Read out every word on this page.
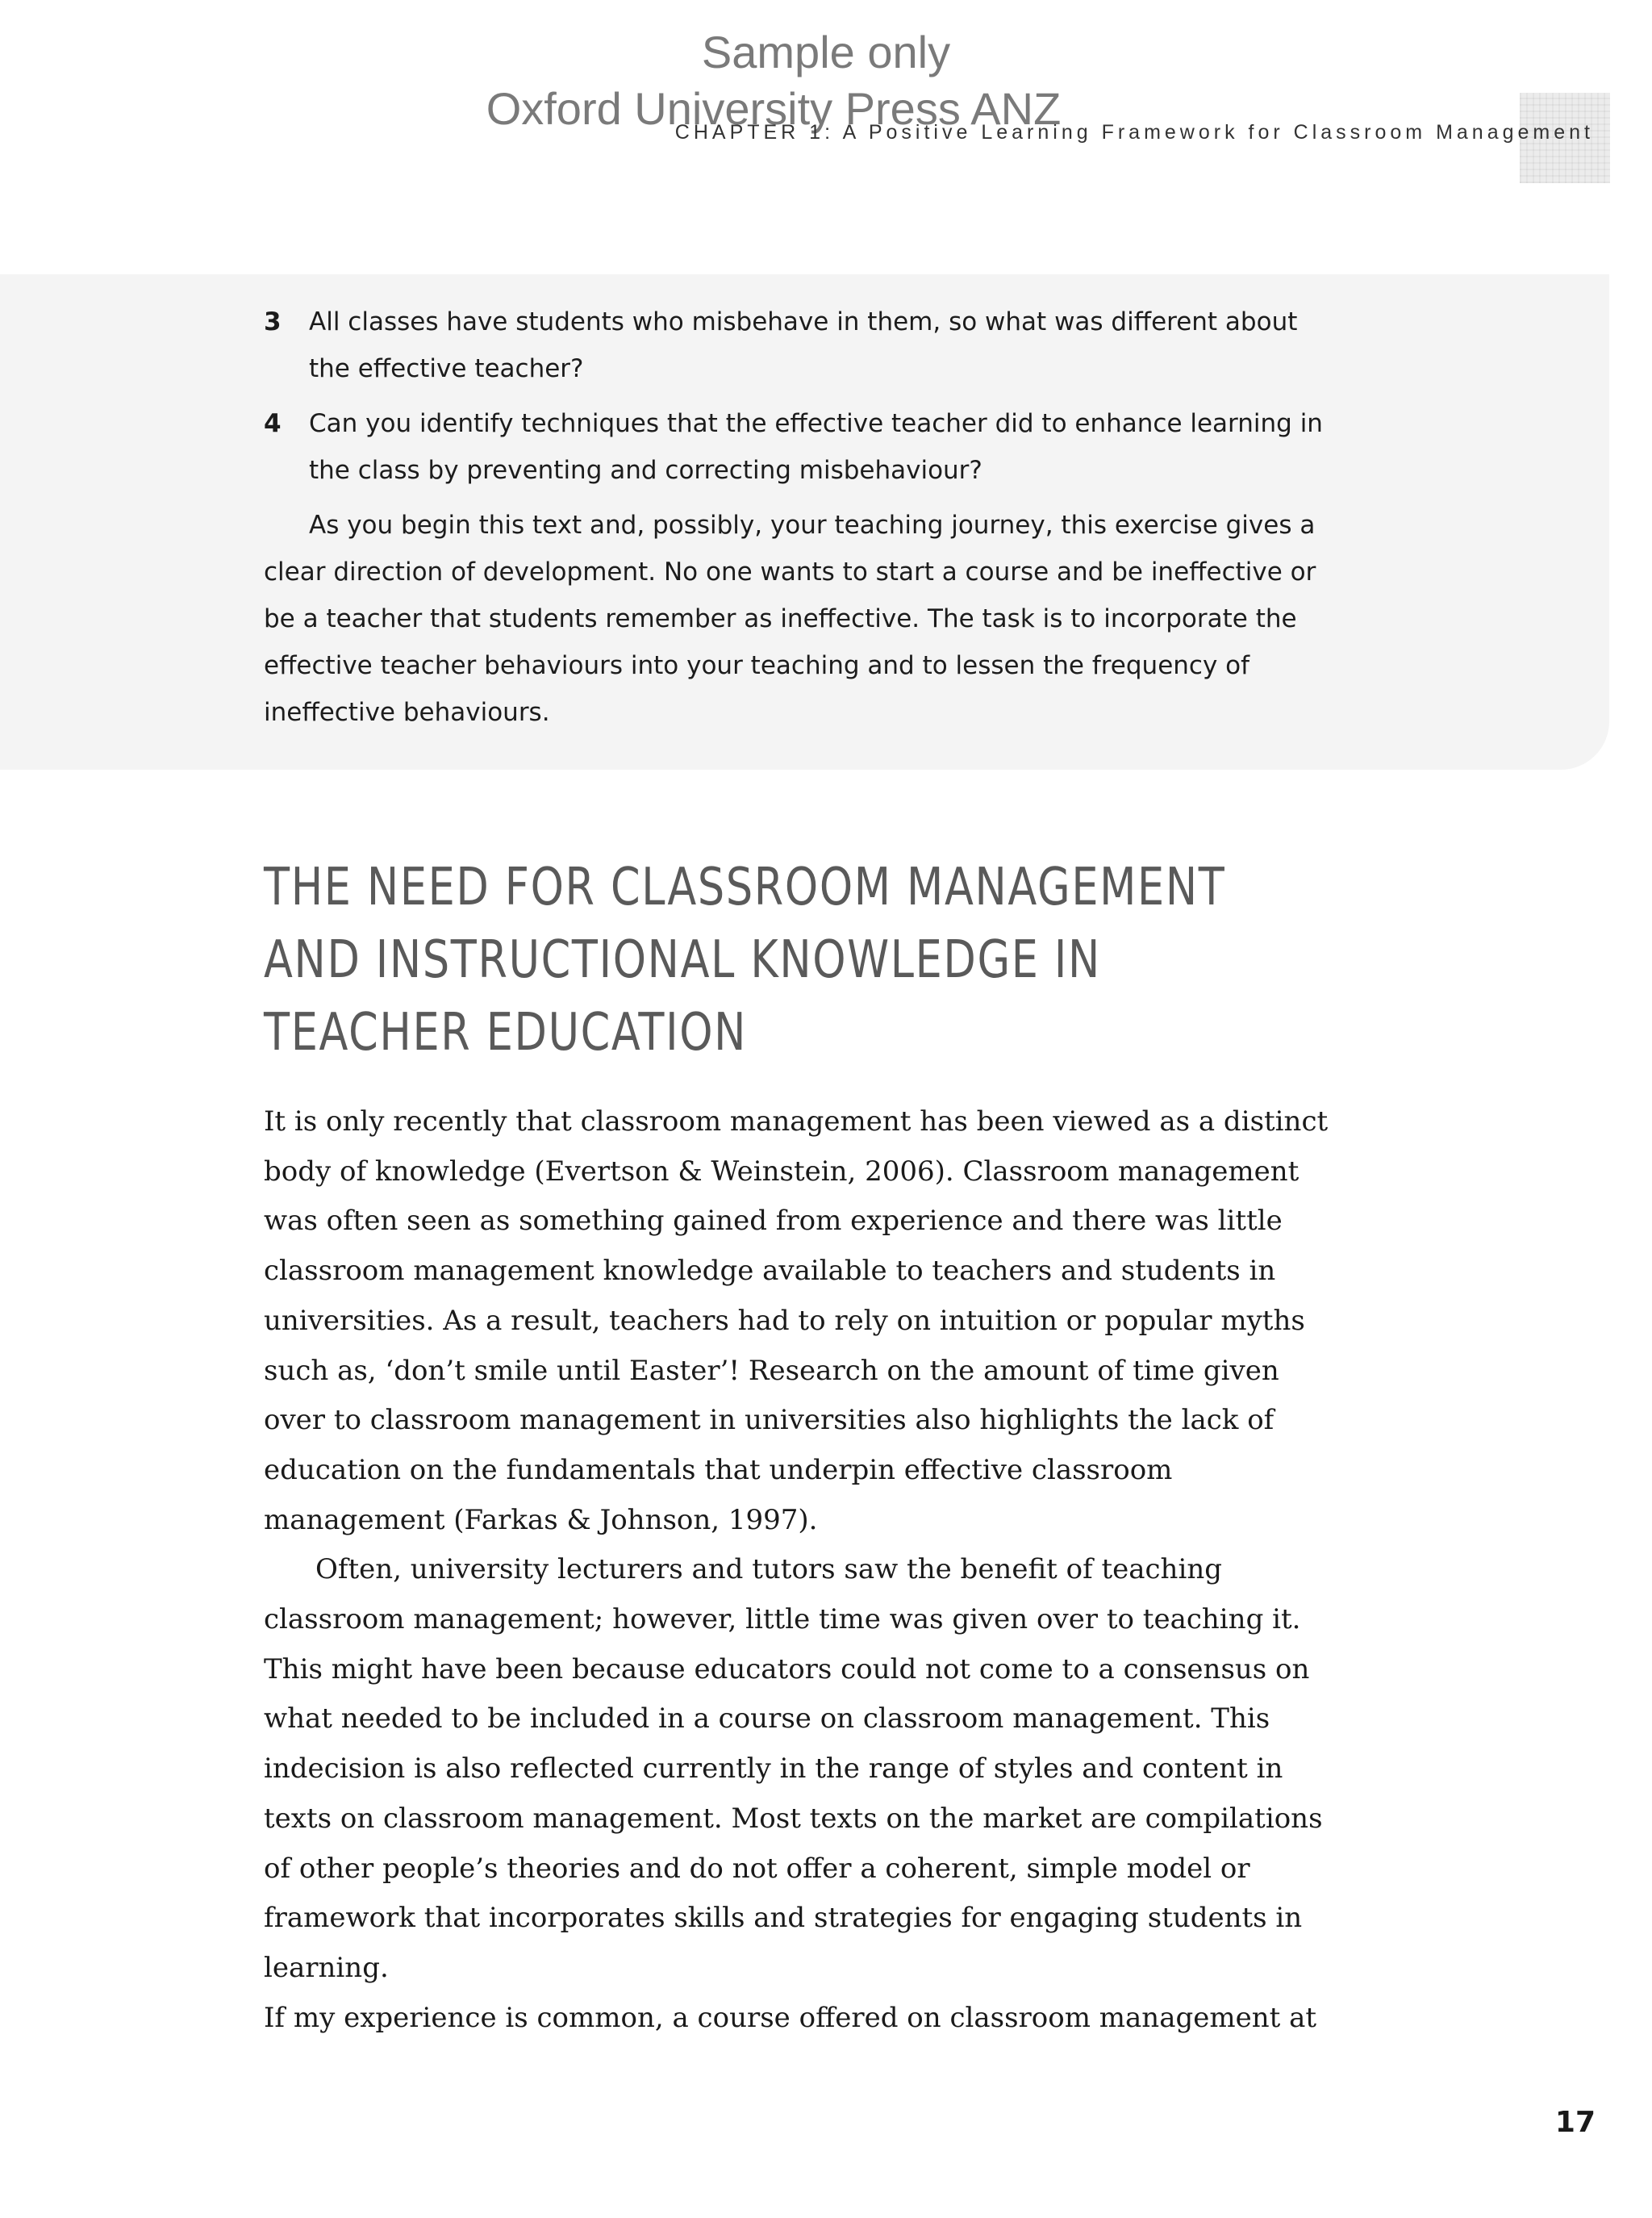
Sample only
Oxford University Press ANZ
CHAPTER 1: A Positive Learning Framework for Classroom Management
3 All classes have students who misbehave in them, so what was different about the effective teacher?
4 Can you identify techniques that the effective teacher did to enhance learning in the class by preventing and correcting misbehaviour?

As you begin this text and, possibly, your teaching journey, this exercise gives a clear direction of development. No one wants to start a course and be ineffective or be a teacher that students remember as ineffective. The task is to incorporate the effective teacher behaviours into your teaching and to lessen the frequency of ineffective behaviours.

THE NEED FOR CLASSROOM MANAGEMENT
AND INSTRUCTIONAL KNOWLEDGE IN
TEACHER EDUCATION

It is only recently that classroom management has been viewed as a distinct body of knowledge (Evertson & Weinstein, 2006). Classroom management was often seen as something gained from experience and there was little classroom management knowledge available to teachers and students in universities. As a result, teachers had to rely on intuition or popular myths such as, ‘don’t smile until Easter’! Research on the amount of time given over to classroom management in universities also highlights the lack of education on the fundamentals that underpin effective classroom management (Farkas & Johnson, 1997).

Often, university lecturers and tutors saw the benefit of teaching classroom management; however, little time was given over to teaching it. This might have been because educators could not come to a consensus on what needed to be included in a course on classroom management. This indecision is also reflected currently in the range of styles and content in texts on classroom management. Most texts on the market are compilations of other people’s theories and do not offer a coherent, simple model or framework that incorporates skills and strategies for engaging students in learning.

If my experience is common, a course offered on classroom management at

17
